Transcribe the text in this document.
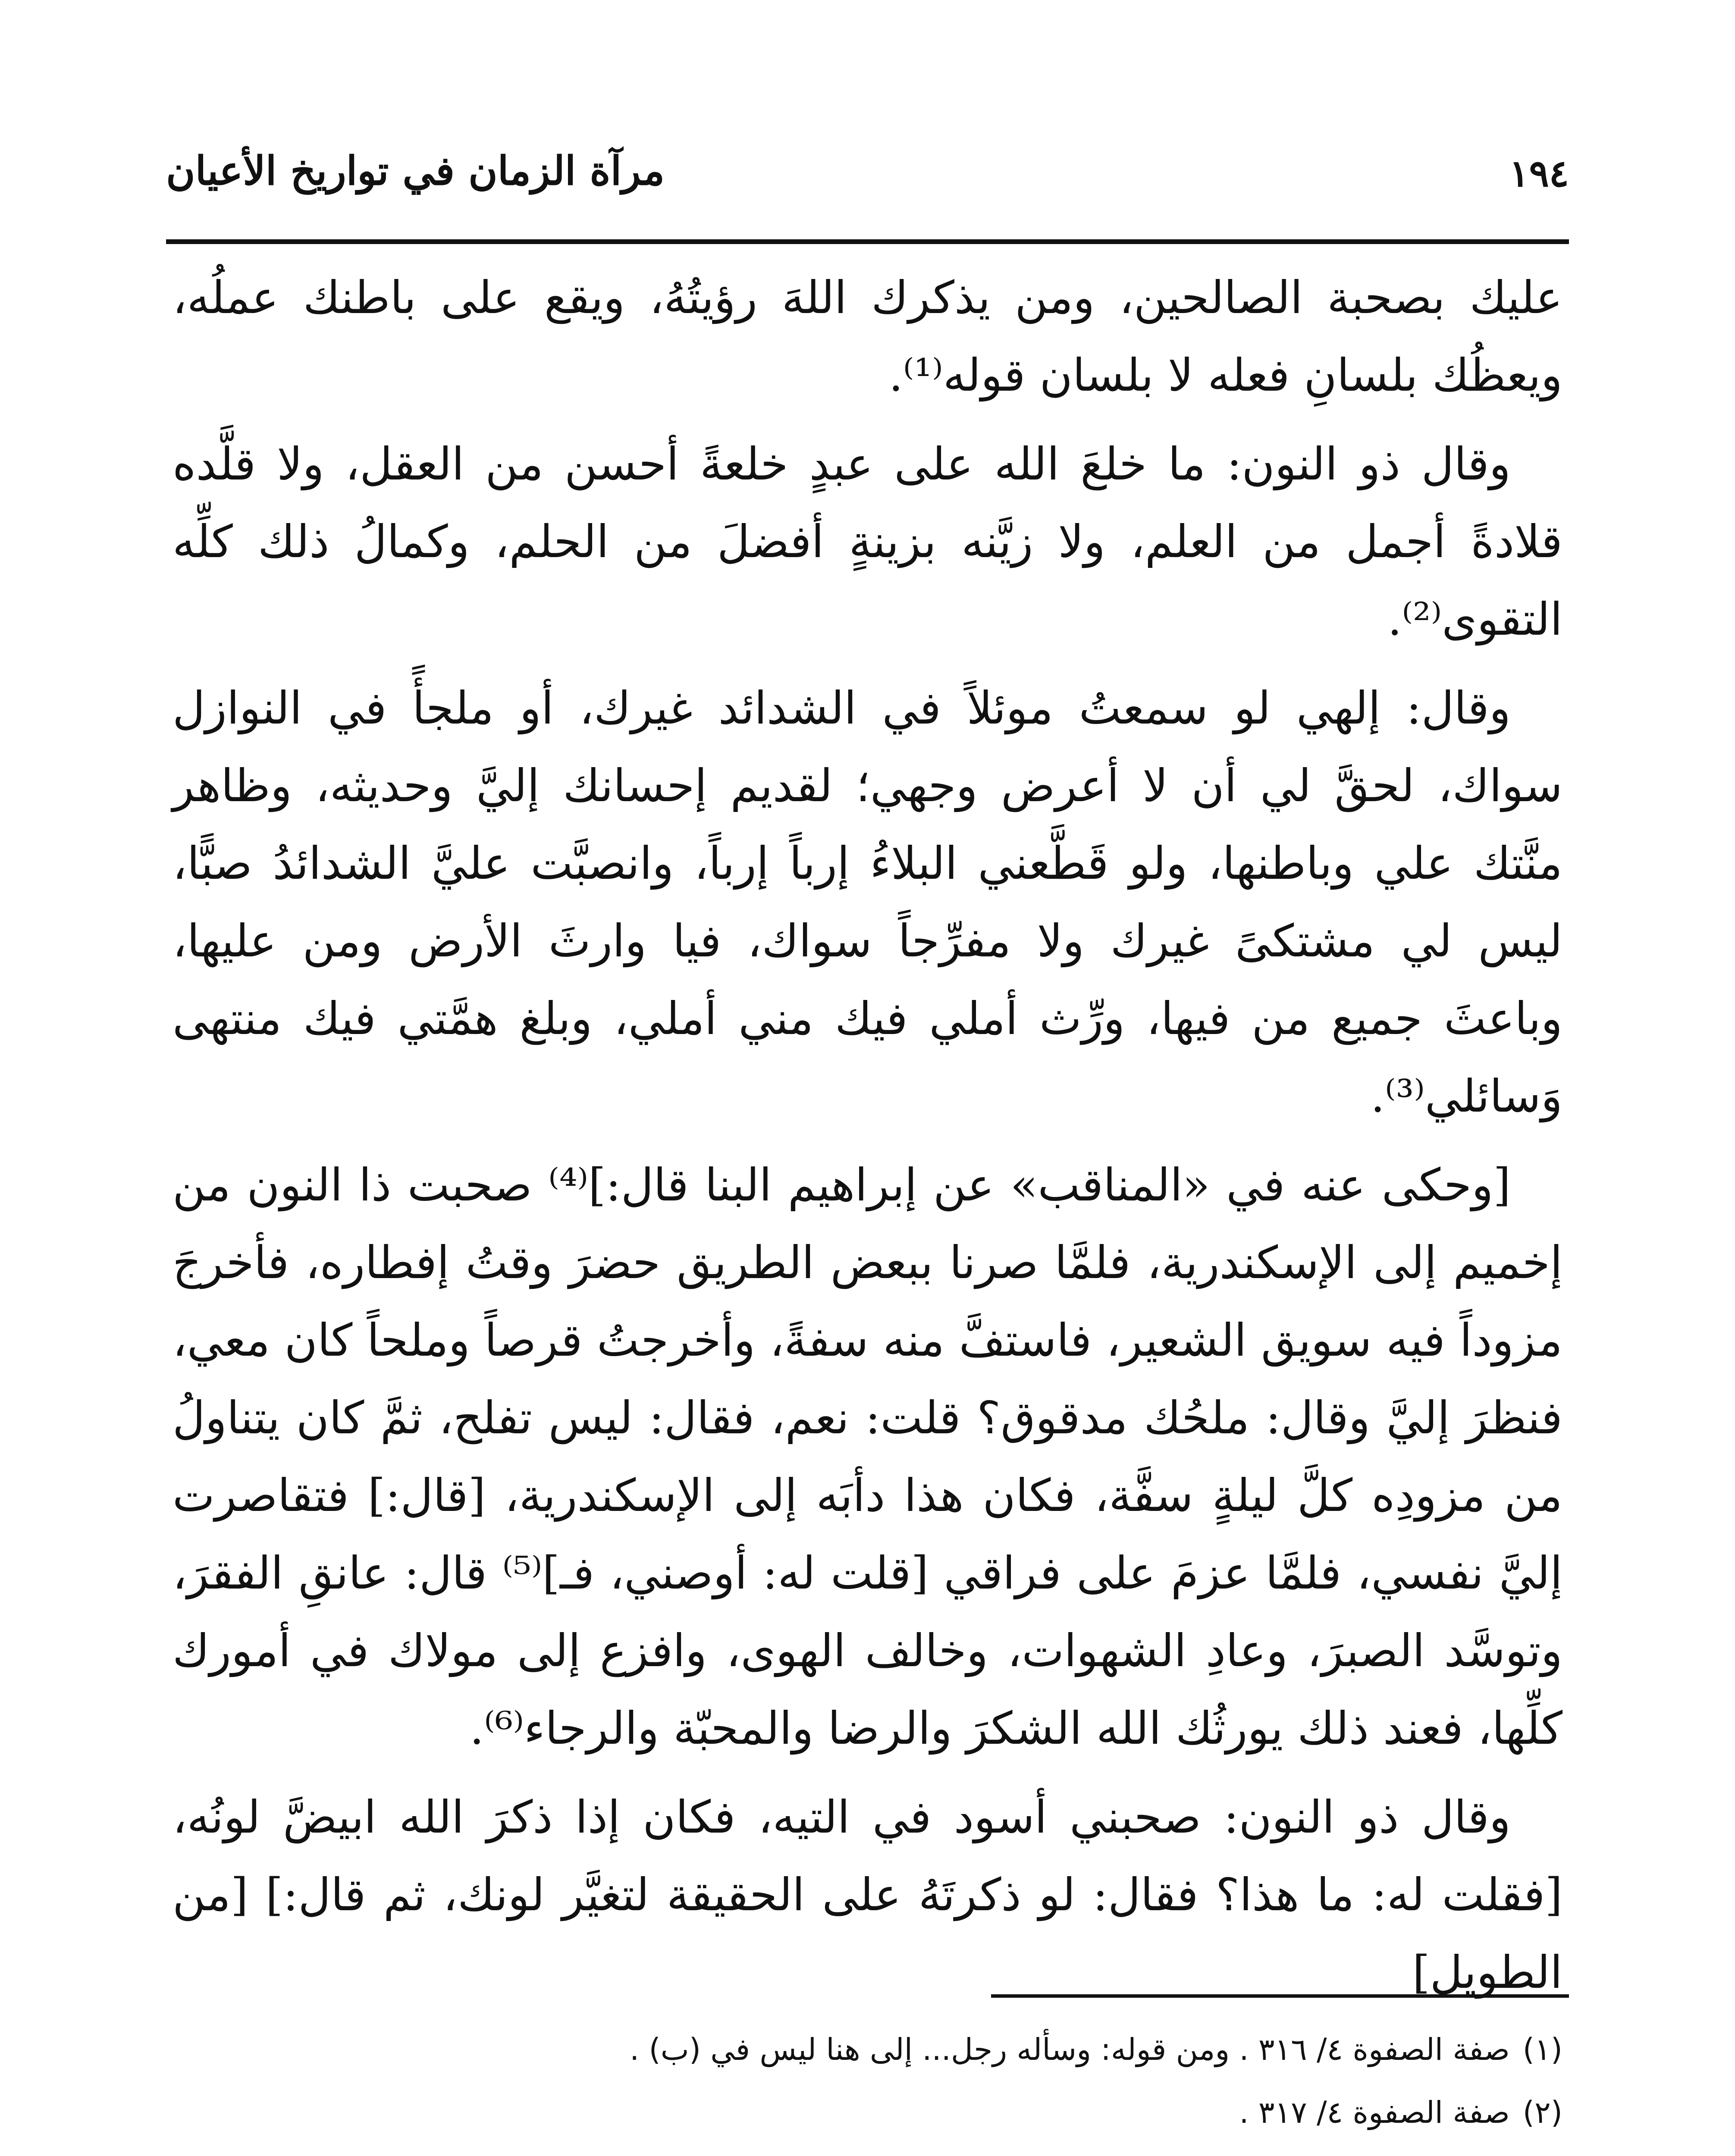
١٩٤
مرآة الزمان في تواريخ الأعيان

عليك بصحبة الصالحين، ومن يذكرك اللهَ رؤيتُهُ، ويقع على باطنك عملُه، ويعظُك بلسانِ فعله لا بلسان قوله⁽¹⁾.

وقال ذو النون: ما خلعَ الله على عبدٍ خلعةً أحسن من العقل، ولا قلَّده قلادةً أجمل من العلم، ولا زيَّنه بزينةٍ أفضلَ من الحلم، وكمالُ ذلك كلِّه التقوى⁽²⁾.

وقال: إلهي لو سمعتُ موئلاً في الشدائد غيرك، أو ملجأً في النوازل سواك، لحقَّ لي أن لا أعرض وجهي؛ لقديم إحسانك إليَّ وحديثه، وظاهر منَّتك علي وباطنها، ولو قَطَّعني البلاءُ إرباً إرباً، وانصبَّت عليَّ الشدائدُ صبًّا، ليس لي مشتكىً غيرك ولا مفرِّجاً سواك، فيا وارثَ الأرض ومن عليها، وباعثَ جميع من فيها، ورِّث أملي فيك مني أملي، وبلغ همَّتي فيك منتهى وَسائلي⁽³⁾.

[وحكى عنه في «المناقب» عن إبراهيم البنا قال:]⁽⁴⁾ صحبت ذا النون من إخميم إلى الإسكندرية، فلمَّا صرنا ببعض الطريق حضرَ وقتُ إفطاره، فأخرجَ مزوداً فيه سويق الشعير، فاستفَّ منه سفةً، وأخرجتُ قرصاً وملحاً كان معي، فنظرَ إليَّ وقال: ملحُك مدقوق؟ قلت: نعم، فقال: ليس تفلح، ثمَّ كان يتناولُ من مزودِه كلَّ ليلةٍ سفَّة، فكان هذا دأبَه إلى الإسكندرية، [قال:] فتقاصرت إليَّ نفسي، فلمَّا عزمَ على فراقي [قلت له: أوصني، فـ]⁽⁵⁾ قال: عانقِ الفقرَ، وتوسَّد الصبرَ، وعادِ الشهوات، وخالف الهوى، وافزع إلى مولاك في أمورك كلِّها، فعند ذلك يورثُك الله الشكرَ والرضا والمحبّة والرجاء⁽⁶⁾.

وقال ذو النون: صحبني أسود في التيه، فكان إذا ذكرَ الله ابيضَّ لونُه، [فقلت له: ما هذا؟ فقال: لو ذكرتَهُ على الحقيقة لتغيَّر لونك، ثم قال:] [من الطويل]

(١)صفة الصفوة ٤/ ٣١٦ . ومن قوله: وسأله رجل... إلى هنا ليس في (ب) .
(٢)صفة الصفوة ٤/ ٣١٧ .
